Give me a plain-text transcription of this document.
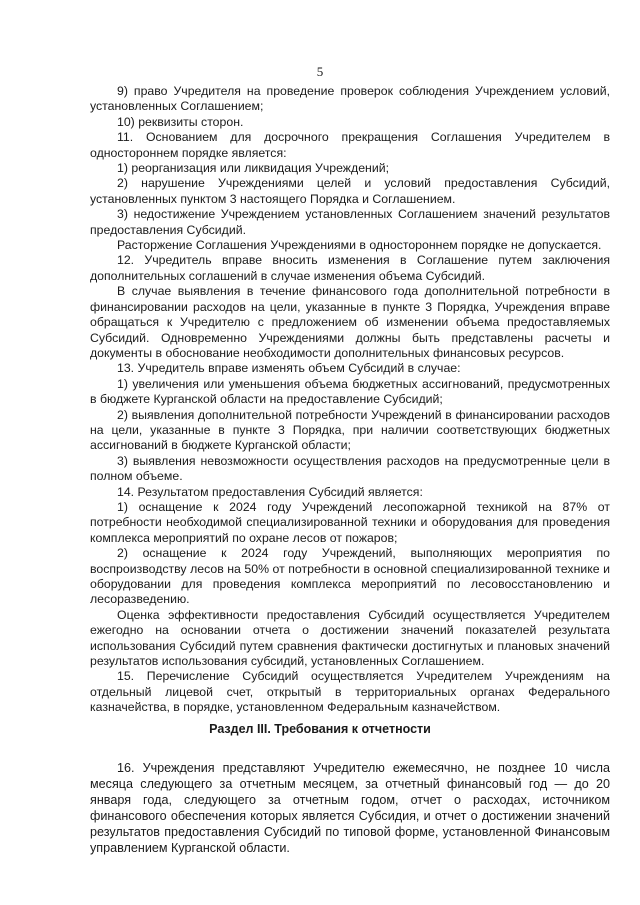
5

9) право Учредителя на проведение проверок соблюдения Учреждением условий, установленных Соглашением;

10) реквизиты сторон.

11. Основанием для досрочного прекращения Соглашения Учредителем в одностороннем порядке является:

1) реорганизация или ликвидация Учреждений;

2) нарушение Учреждениями целей и условий предоставления Субсидий, установленных пунктом 3 настоящего Порядка и Соглашением.

3) недостижение Учреждением установленных Соглашением значений результатов предоставления Субсидий.

Расторжение Соглашения Учреждениями в одностороннем порядке не допускается.

12. Учредитель вправе вносить изменения в Соглашение путем заключения дополнительных соглашений в случае изменения объема Субсидий.

В случае выявления в течение финансового года дополнительной потребности в финансировании расходов на цели, указанные в пункте 3 Порядка, Учреждения вправе обращаться к Учредителю с предложением об изменении объема предоставляемых Субсидий. Одновременно Учреждениями должны быть представлены расчеты и документы в обоснование необходимости дополнительных финансовых ресурсов.

13. Учредитель вправе изменять объем Субсидий в случае:

1) увеличения или уменьшения объема бюджетных ассигнований, предусмотренных в бюджете Курганской области на предоставление Субсидий;

2) выявления дополнительной потребности Учреждений в финансировании расходов на цели, указанные в пункте 3 Порядка, при наличии соответствующих бюджетных ассигнований в бюджете Курганской области;

3) выявления невозможности осуществления расходов на предусмотренные цели в полном объеме.

14. Результатом предоставления Субсидий является:

1) оснащение к 2024 году Учреждений лесопожарной техникой на 87% от потребности необходимой специализированной техники и оборудования для проведения комплекса мероприятий по охране лесов от пожаров;

2) оснащение к 2024 году Учреждений, выполняющих мероприятия по воспроизводству лесов на 50% от потребности в основной специализированной технике и оборудовании для проведения комплекса мероприятий по лесовосстановлению и лесоразведению.

Оценка эффективности предоставления Субсидий осуществляется Учредителем ежегодно на основании отчета о достижении значений показателей результата использования Субсидий путем сравнения фактически достигнутых и плановых значений результатов использования субсидий, установленных Соглашением.

15. Перечисление Субсидий осуществляется Учредителем Учреждениям на отдельный лицевой счет, открытый в территориальных органах Федерального казначейства, в порядке, установленном Федеральным казначейством.

Раздел III. Требования к отчетности

16. Учреждения представляют Учредителю ежемесячно, не позднее 10 числа месяца следующего за отчетным месяцем, за отчетный финансовый год — до 20 января года, следующего за отчетным годом, отчет о расходах, источником финансового обеспечения которых является Субсидия, и отчет о достижении значений результатов предоставления Субсидий по типовой форме, установленной Финансовым управлением Курганской области.
